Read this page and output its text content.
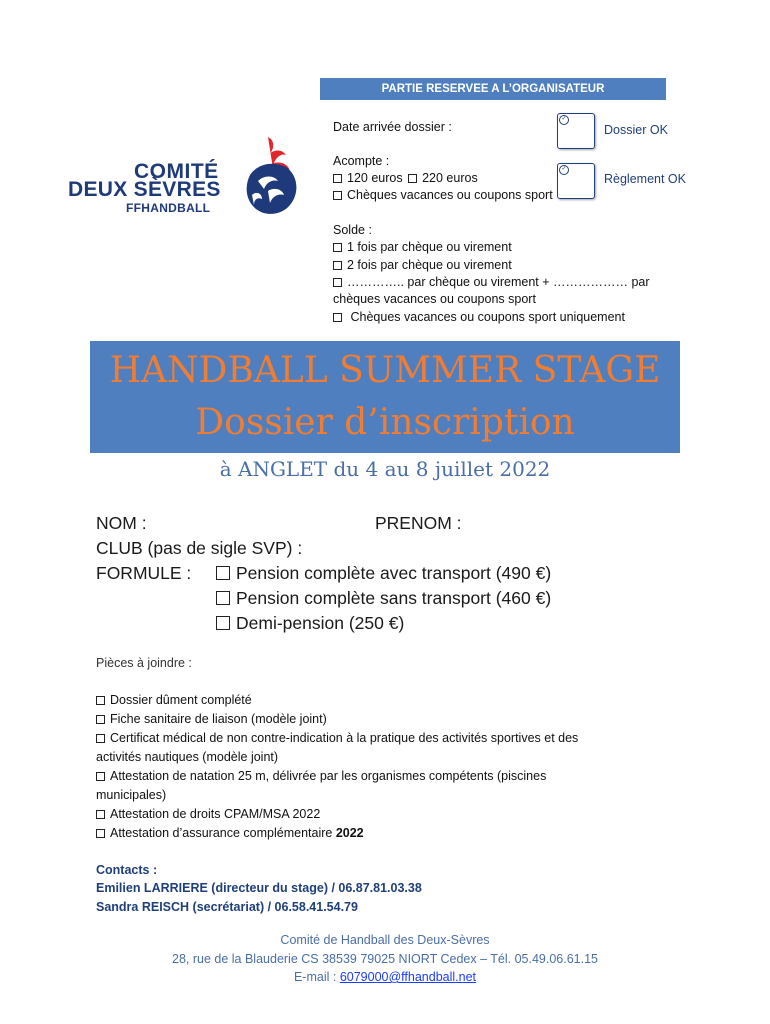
COMITÉ
DEUX SÈVRES
FFHANDBALL
PARTIE RESERVEE A L’ORGANISATEUR
Date arrivée dossier :
✓
Dossier OK
Acompte :
120 euros 220 euros
Chèques vacances ou coupons sport
✓
Règlement OK
Solde :
1 fois par chèque ou virement
2 fois par chèque ou virement
………….. par chèque ou virement + ……………… par
chèques vacances ou coupons sport
Chèques vacances ou coupons sport uniquement
HANDBALL SUMMER STAGE
Dossier d’inscription
à ANGLET du 4 au 8 juillet 2022
NOM :	PRENOM :
CLUB (pas de sigle SVP) :
FORMULE :	Pension complète avec transport (490 €)
Pension complète sans transport (460 €)
Demi-pension (250 €)
Pièces à joindre :
Dossier dûment complété
Fiche sanitaire de liaison (modèle joint)
Certificat médical de non contre-indication à la pratique des activités sportives et des
activités nautiques (modèle joint)
Attestation de natation 25 m, délivrée par les organismes compétents (piscines
municipales)
Attestation de droits CPAM/MSA 2022
Attestation d’assurance complémentaire 2022
Contacts :
Emilien LARRIERE (directeur du stage) / 06.87.81.03.38
Sandra REISCH (secrétariat) / 06.58.41.54.79
Comité de Handball des Deux-Sèvres
28, rue de la Blauderie CS 38539 79025 NIORT Cedex – Tél. 05.49.06.61.15
E-mail : 6079000@ffhandball.net
